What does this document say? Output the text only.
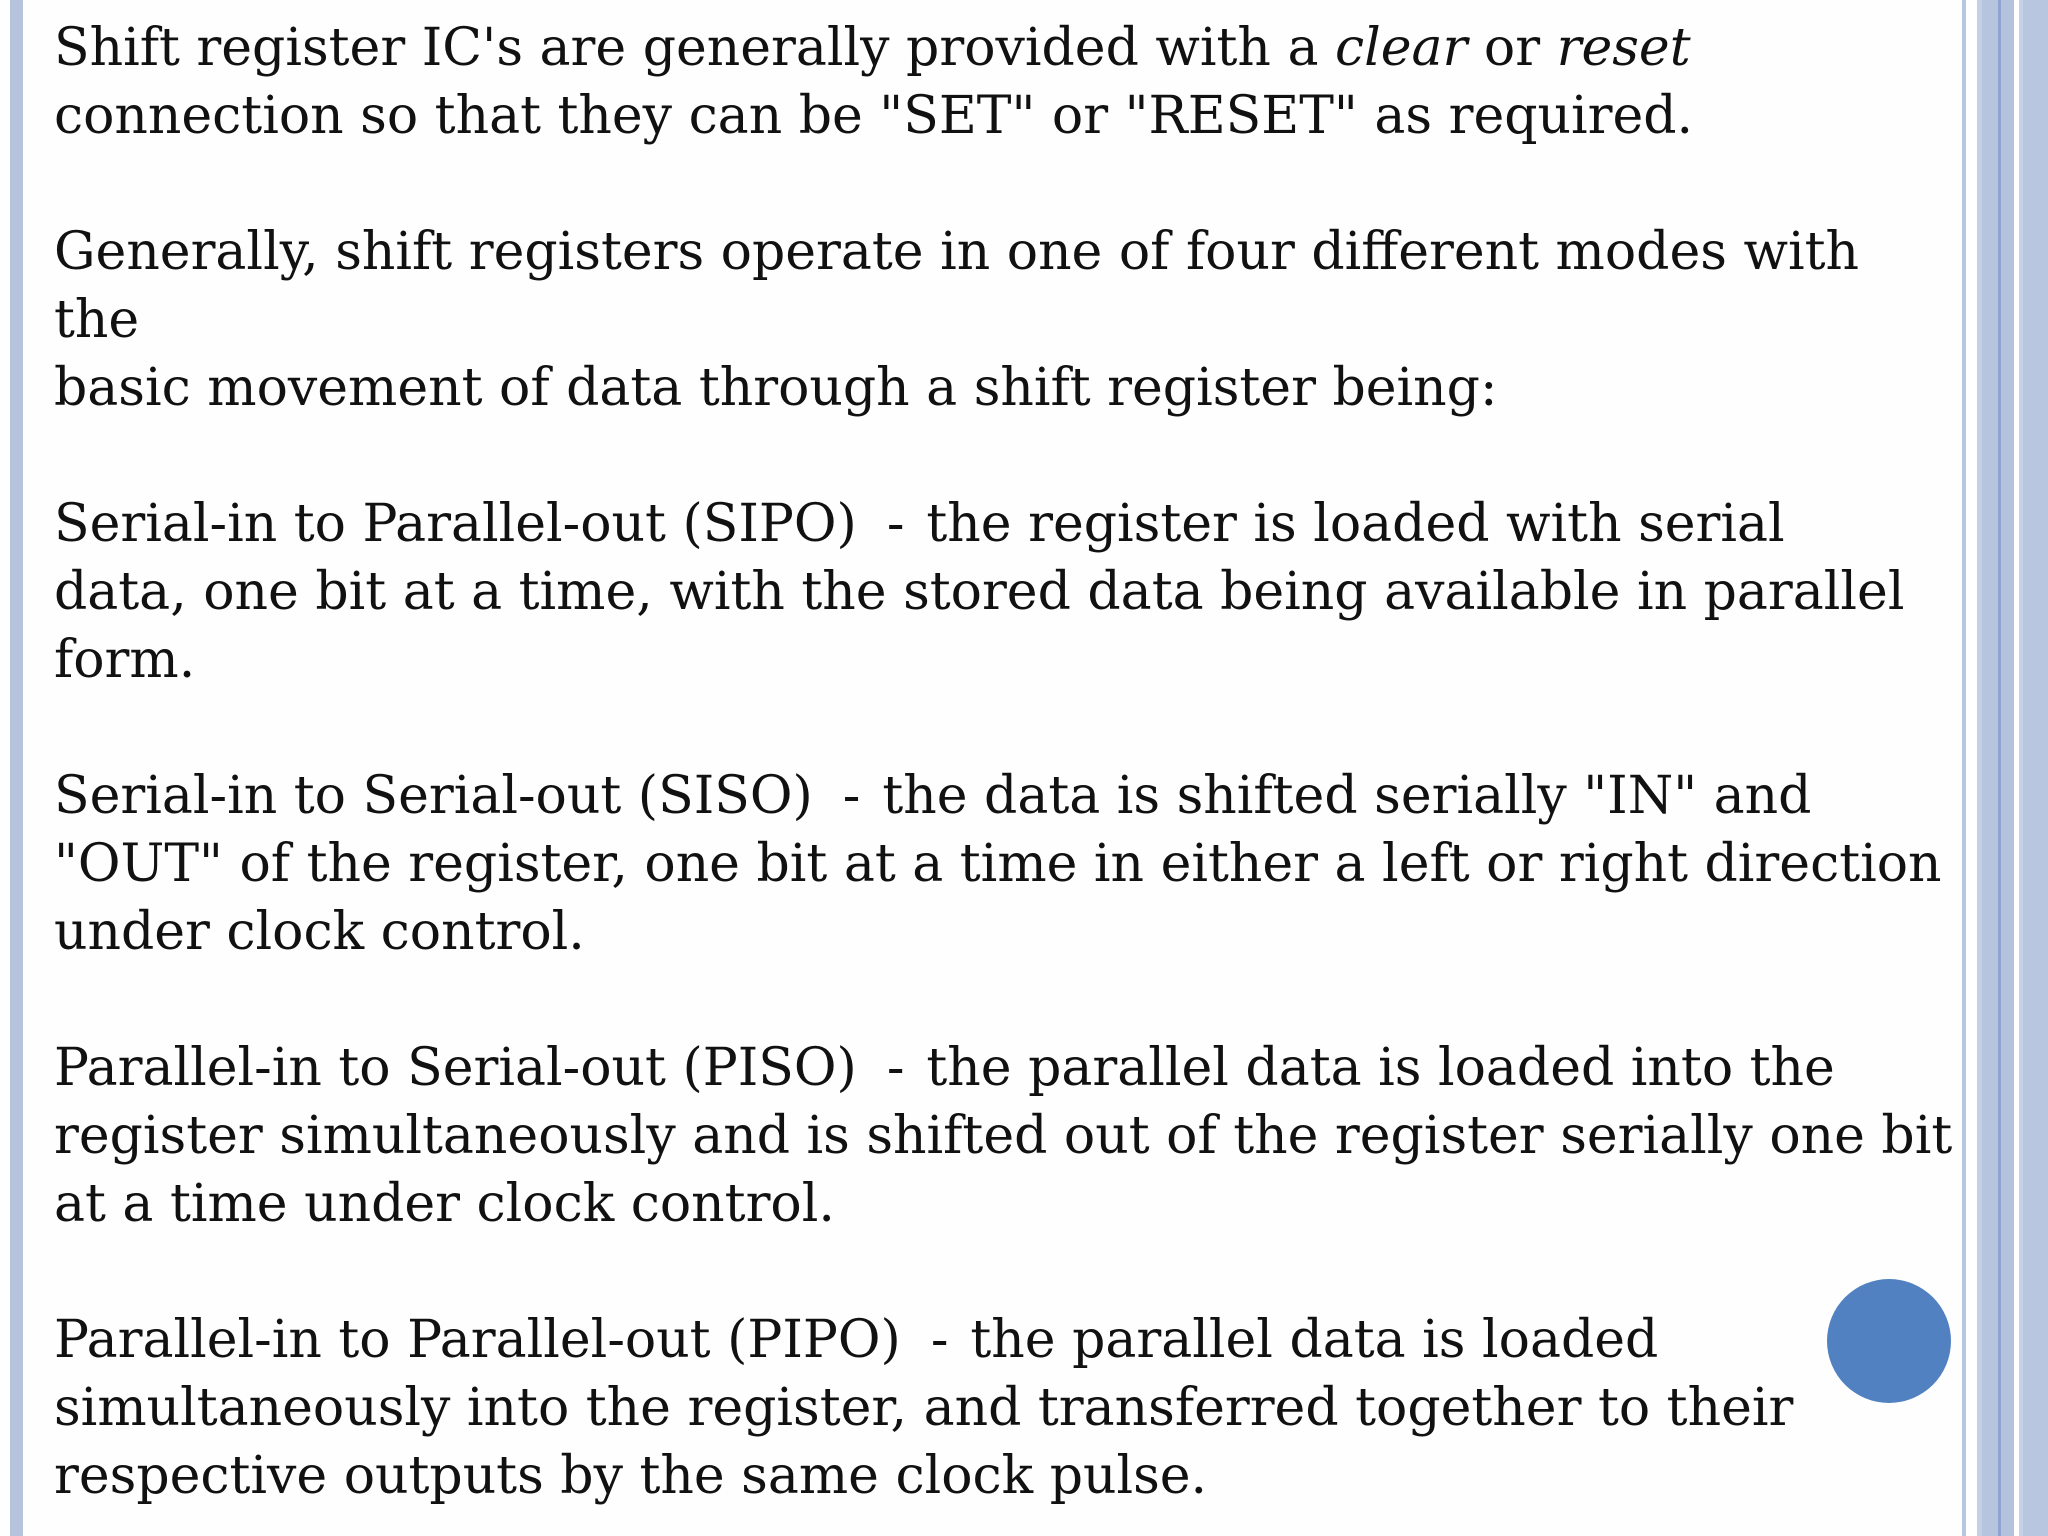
Shift register IC's are generally provided with a clear or reset
connection so that they can be "SET" or "RESET" as required.

Generally, shift registers operate in one of four different modes with the
basic movement of data through a shift register being:

Serial-in to Parallel-out (SIPO) - the register is loaded with serial
data, one bit at a time, with the stored data being available in parallel
form.

Serial-in to Serial-out (SISO) - the data is shifted serially "IN" and
"OUT" of the register, one bit at a time in either a left or right direction
under clock control.

Parallel-in to Serial-out (PISO) - the parallel data is loaded into the
register simultaneously and is shifted out of the register serially one bit
at a time under clock control.

Parallel-in to Parallel-out (PIPO) - the parallel data is loaded
simultaneously into the register, and transferred together to their
respective outputs by the same clock pulse.
